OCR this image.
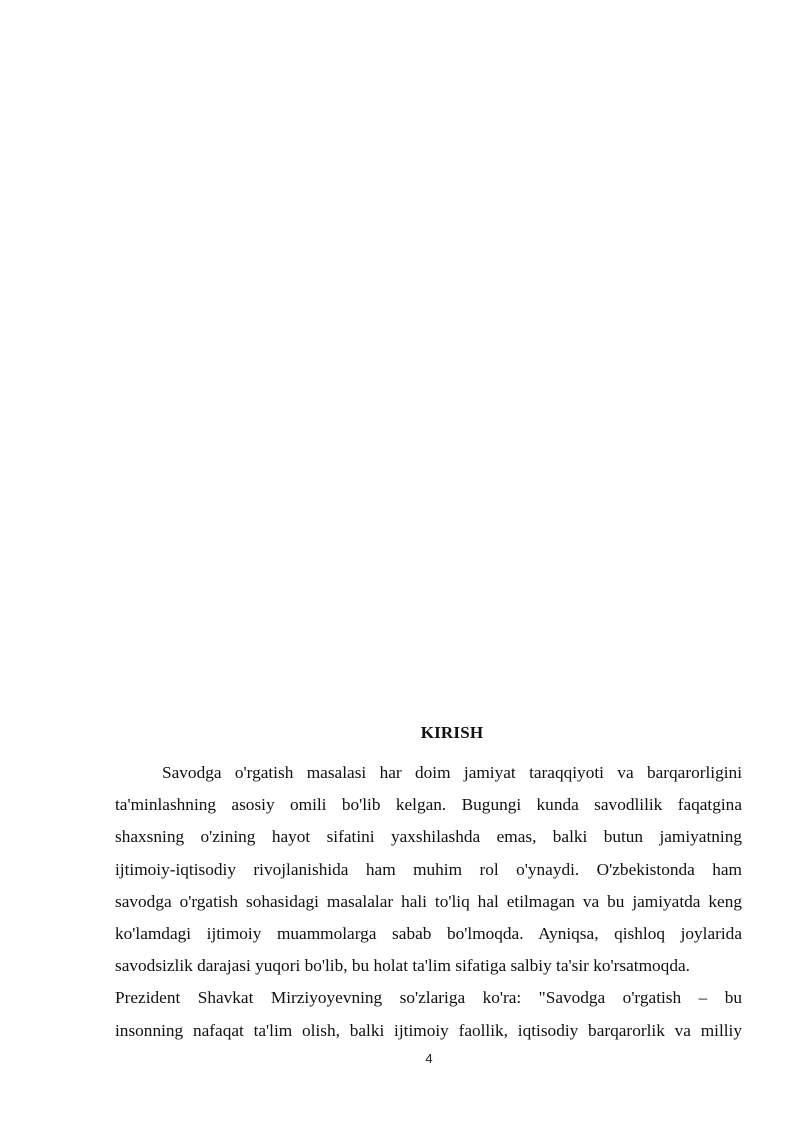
KIRISH
Savodga o'rgatish masalasi har doim jamiyat taraqqiyoti va barqarorligini
ta'minlashning asosiy omili bo'lib kelgan. Bugungi kunda savodlilik faqatgina
shaxsning o'zining hayot sifatini yaxshilashda emas, balki butun jamiyatning
ijtimoiy-iqtisodiy rivojlanishida ham muhim rol o'ynaydi. O'zbekistonda ham
savodga o'rgatish sohasidagi masalalar hali to'liq hal etilmagan va bu jamiyatda keng
ko'lamdagi ijtimoiy muammolarga sabab bo'lmoqda. Ayniqsa, qishloq joylarida
savodsizlik darajasi yuqori bo'lib, bu holat ta'lim sifatiga salbiy ta'sir ko'rsatmoqda.
Prezident Shavkat Mirziyoyevning so'zlariga ko'ra: "Savodga o'rgatish – bu
insonning nafaqat ta'lim olish, balki ijtimoiy faollik, iqtisodiy barqarorlik va milliy
4
